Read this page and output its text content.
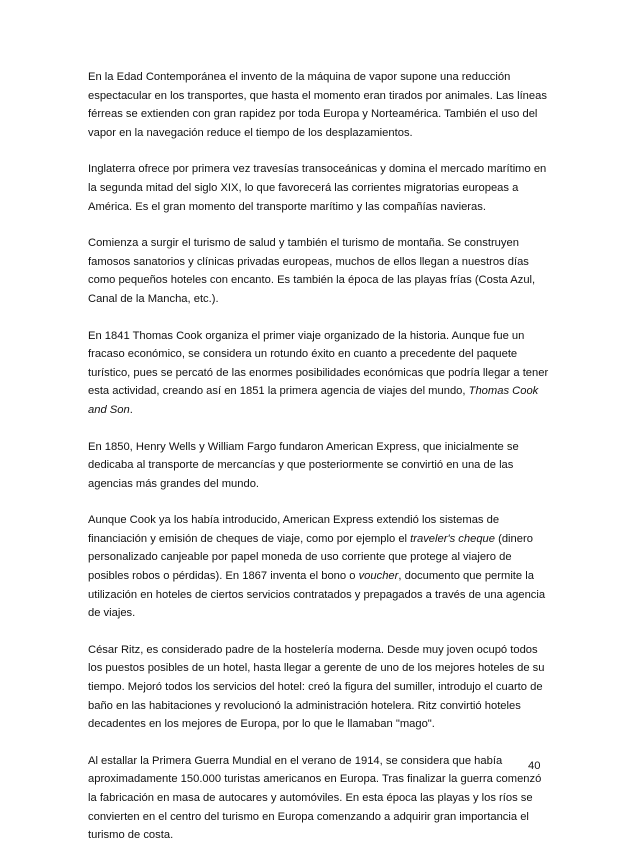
En la Edad Contemporánea el invento de la máquina de vapor supone una reducción espectacular en los transportes, que hasta el momento eran tirados por animales. Las líneas férreas se extienden con gran rapidez por toda Europa y Norteamérica. También el uso del vapor en la navegación reduce el tiempo de los desplazamientos.

Inglaterra ofrece por primera vez travesías transoceánicas y domina el mercado marítimo en la segunda mitad del siglo XIX, lo que favorecerá las corrientes migratorias europeas a América. Es el gran momento del transporte marítimo y las compañías navieras.

Comienza a surgir el turismo de salud y también el turismo de montaña. Se construyen famosos sanatorios y clínicas privadas europeas, muchos de ellos llegan a nuestros días como pequeños hoteles con encanto. Es también la época de las playas frías (Costa Azul, Canal de la Mancha, etc.).

En 1841 Thomas Cook organiza el primer viaje organizado de la historia. Aunque fue un fracaso económico, se considera un rotundo éxito en cuanto a precedente del paquete turístico, pues se percató de las enormes posibilidades económicas que podría llegar a tener esta actividad, creando así en 1851 la primera agencia de viajes del mundo, Thomas Cook and Son.

En 1850, Henry Wells y William Fargo fundaron American Express, que inicialmente se dedicaba al transporte de mercancías y que posteriormente se convirtió en una de las agencias más grandes del mundo.

Aunque Cook ya los había introducido, American Express extendió los sistemas de financiación y emisión de cheques de viaje, como por ejemplo el traveler's cheque (dinero personalizado canjeable por papel moneda de uso corriente que protege al viajero de posibles robos o pérdidas). En 1867 inventa el bono o voucher, documento que permite la utilización en hoteles de ciertos servicios contratados y prepagados a través de una agencia de viajes.

César Ritz, es considerado padre de la hostelería moderna. Desde muy joven ocupó todos los puestos posibles de un hotel, hasta llegar a gerente de uno de los mejores hoteles de su tiempo. Mejoró todos los servicios del hotel: creó la figura del sumiller, introdujo el cuarto de baño en las habitaciones y revolucionó la administración hotelera. Ritz convirtió hoteles decadentes en los mejores de Europa, por lo que le llamaban "mago".

Al estallar la Primera Guerra Mundial en el verano de 1914, se considera que había aproximadamente 150.000 turistas americanos en Europa. Tras finalizar la guerra comenzó la fabricación en masa de autocares y automóviles. En esta época las playas y los ríos se convierten en el centro del turismo en Europa comenzando a adquirir gran importancia el turismo de costa.

40
